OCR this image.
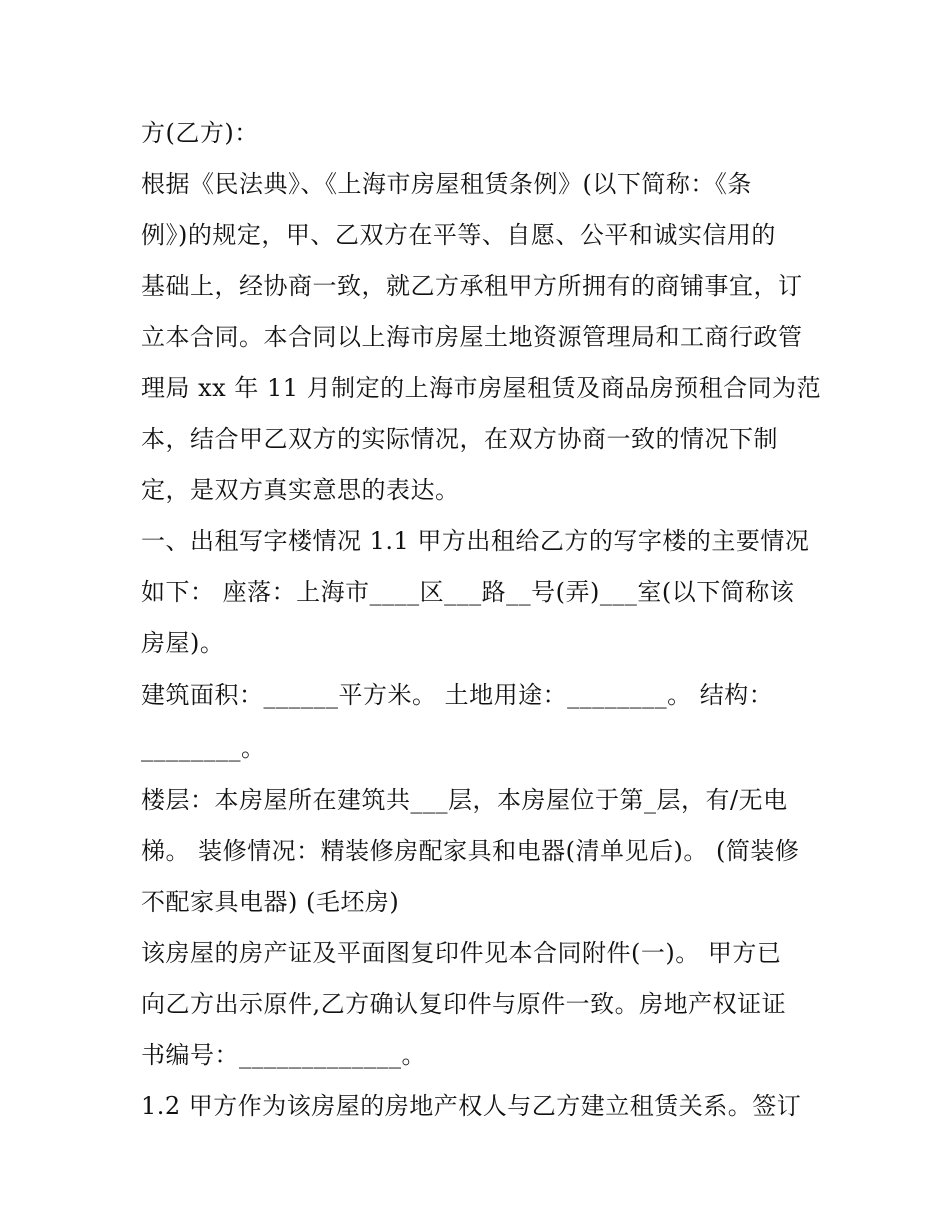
方(乙方)：
根据《民法典》、《上海市房屋租赁条例》(以下简称：《条
例》)的规定，甲、乙双方在平等、自愿、公平和诚实信用的
基础上，经协商一致，就乙方承租甲方所拥有的商铺事宜，订
立本合同。本合同以上海市房屋土地资源管理局和工商行政管
理局 xx 年 11 月制定的上海市房屋租赁及商品房预租合同为范
本，结合甲乙双方的实际情况，在双方协商一致的情况下制
定，是双方真实意思的表达。
一、出租写字楼情况 1.1 甲方出租给乙方的写字楼的主要情况
如下： 座落：上海市____区___路__号(弄)___室(以下简称该
房屋)。
建筑面积：______平方米。 土地用途：________。 结构：
________。
楼层：本房屋所在建筑共___层，本房屋位于第_层，有/无电
梯。 装修情况：精装修房配家具和电器(清单见后)。 (简装修
不配家具电器) (毛坯房)
该房屋的房产证及平面图复印件见本合同附件(一)。 甲方已
向乙方出示原件,乙方确认复印件与原件一致。房地产权证证
书编号：_____________。
1.2 甲方作为该房屋的房地产权人与乙方建立租赁关系。签订
